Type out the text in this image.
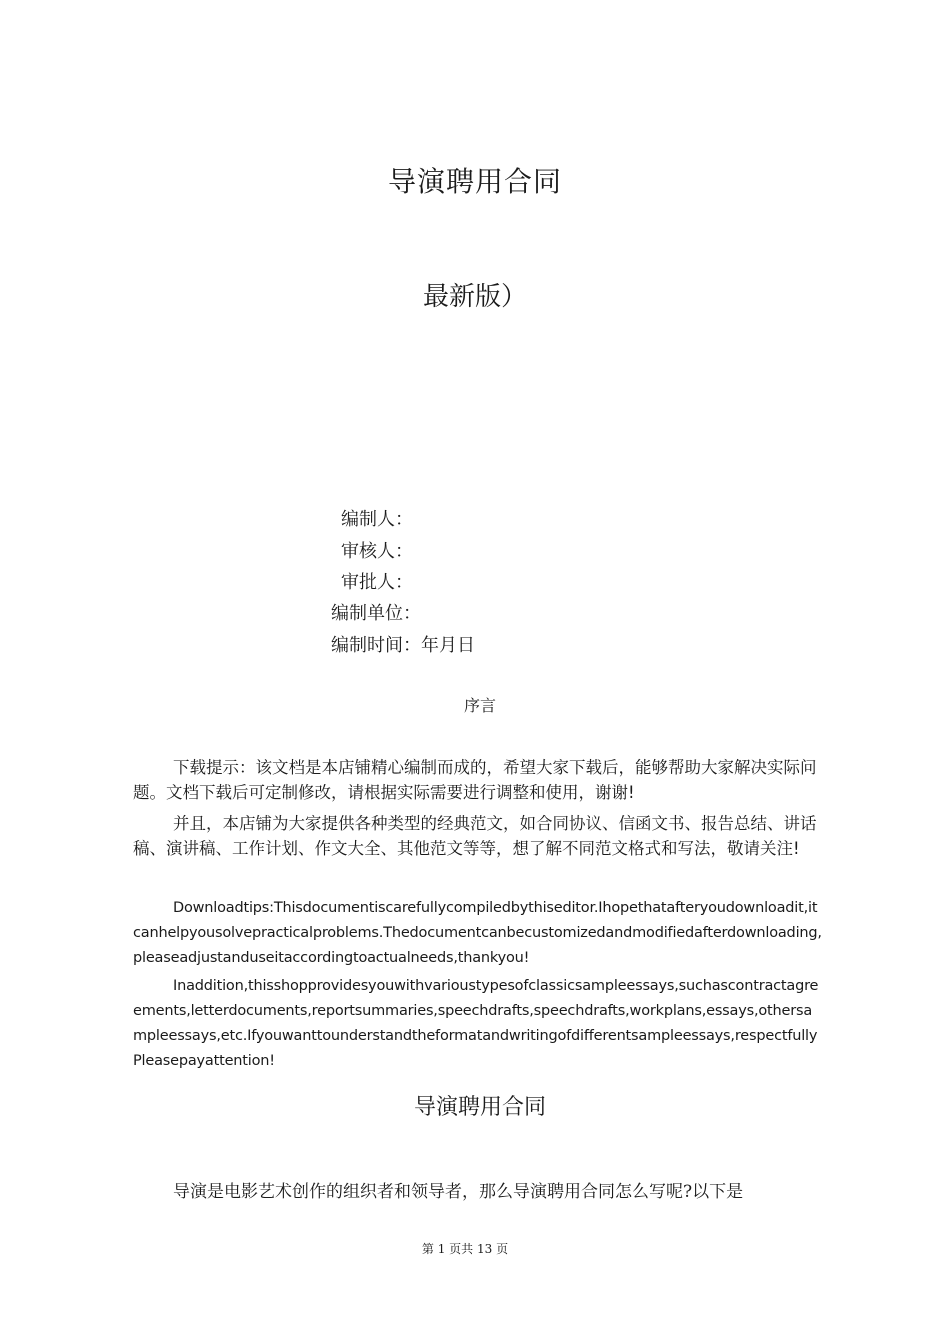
导演聘用合同
最新版）
编制人：
审核人：
审批人：
编制单位：
编制时间：年月日
序言
下载提示：该文档是本店铺精心编制而成的，希望大家下载后，能够帮助大家解决实际问题。文档下载后可定制修改，请根据实际需要进行调整和使用，谢谢!
并且，本店铺为大家提供各种类型的经典范文，如合同协议、信函文书、报告总结、讲话稿、演讲稿、工作计划、作文大全、其他范文等等，想了解不同范文格式和写法，敬请关注!
Downloadtips:Thisdocumentiscarefullycompiledbythiseditor.Ihopethatafteryoudownloadit,itcanhelpyousolvepracticalproblems.Thedocumentcanbecustomizedandmodifiedafterdownloading,pleaseadjustanduseitaccordingtoactualneeds,thankyou!
Inaddition,thisshopprovidesyouwithvarioustypesofclassicsampleessays,suchascontractagreements,letterdocuments,reportsummaries,speechdrafts,speechdrafts,workplans,essays,othersampleessays,etc.Ifyouwanttounderstandtheformatandwritingofdifferentsampleessays,respectfullyPleasepayattention!
导演聘用合同
导演是电影艺术创作的组织者和领导者，那么导演聘用合同怎么写呢?以下是
第 1 页共 13 页
